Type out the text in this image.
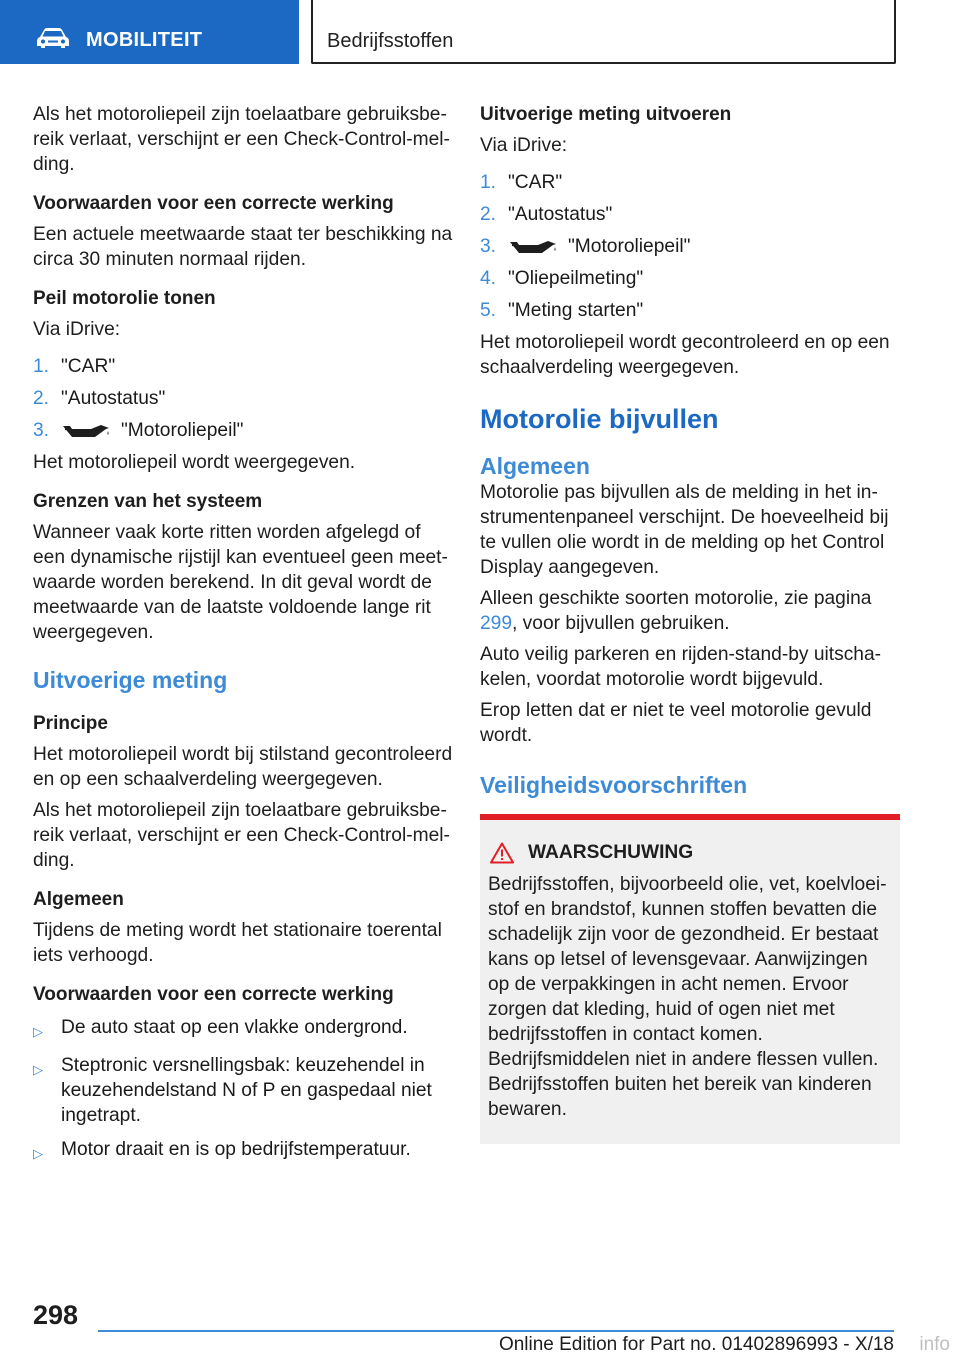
MOBILITEIT	Bedrijfsstoffen

Als het motoroliepeil zijn toelaatbare gebruiksbereik verlaat, verschijnt er een Check-Control-melding.

Voorwaarden voor een correcte werking

Een actuele meetwaarde staat ter beschikking na circa 30 minuten normaal rijden.

Peil motorolie tonen

Via iDrive:

1. "CAR"
2. "Autostatus"
3.	"Motoroliepeil"

Het motoroliepeil wordt weergegeven.

Grenzen van het systeem

Wanneer vaak korte ritten worden afgelegd of een dynamische rijstijl kan eventueel geen meetwaarde worden berekend. In dit geval wordt de meetwaarde van de laatste voldoende lange rit weergegeven.

Uitvoerige meting
Principe

Het motoroliepeil wordt bij stilstand gecontroleerd en op een schaalverdeling weergegeven.

Als het motoroliepeil zijn toelaatbare gebruiksbereik verlaat, verschijnt er een Check-Control-melding.

Algemeen

Tijdens de meting wordt het stationaire toerental iets verhoogd.

Voorwaarden voor een correcte werking
▷ De auto staat op een vlakke ondergrond.
▷ Steptronic versnellingsbak: keuzehendel in keuzehendelstand N of P en gaspedaal niet ingetrapt.
▷ Motor draait en is op bedrijfstemperatuur.
Uitvoerige meting uitvoeren

Via iDrive:

1. "CAR"
2. "Autostatus"
3.	"Motoroliepeil"
4. "Oliepeilmeting"
5. "Meting starten"

Het motoroliepeil wordt gecontroleerd en op een schaalverdeling weergegeven.

Motorolie bijvullen
Algemeen

Motorolie pas bijvullen als de melding in het instrumentenpaneel verschijnt. De hoeveelheid bij te vullen olie wordt in de melding op het Control Display aangegeven.

Alleen geschikte soorten motorolie, zie pagina 299, voor bijvullen gebruiken.

Auto veilig parkeren en rijden-stand-by uitschakelen, voordat motorolie wordt bijgevuld.

Erop letten dat er niet te veel motorolie gevuld wordt.

Veiligheidsvoorschriften
WAARSCHUWING

Bedrijfsstoffen, bijvoorbeeld olie, vet, koelvloeistof en brandstof, kunnen stoffen bevatten die schadelijk zijn voor de gezondheid. Er bestaat kans op letsel of levensgevaar. Aanwijzingen op de verpakkingen in acht nemen. Ervoor zorgen dat kleding, huid of ogen niet met bedrijfsstoffen in contact komen. Bedrijfsmiddelen niet in andere flessen vullen. Bedrijfsstoffen buiten het bereik van kinderen bewaren.

298
Online Edition for Part no. 01402896993 - X/18 info
